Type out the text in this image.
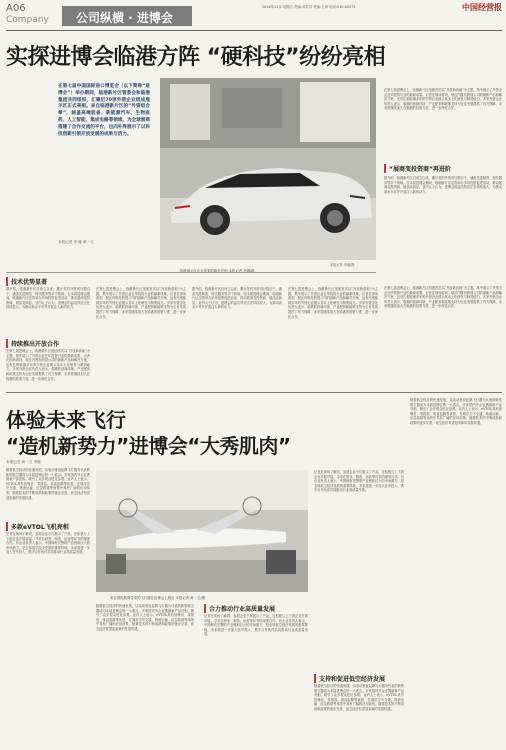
A06
Company 公司纵横 · 进博会
2024年11月 星期五 责编:高芳芳 美编:王涛 电话:010-84372	中国经营报
实探进博会临港方阵 “硬科技”纷纷亮相
在第七届中国国际进口博览会（以下简称“进博会”）举办期间，临港新片区管委会和临港集团共同组织，汇聚近70家外资企业组成展示区正式亮相。来自临港新片区的“外资组合拳”，涵盖高端装备、新能源汽车、生物医药、人工智能、集成电路等领域，为全球展商搭建了合作交流的平台，也向外界展示了以科技创新引领开放发展的成果与活力。
本报记者 李 娜 黄一文
本报记者 李娜/摄
临港展示区企业带来的跑车亮相 本报记者 李娜/摄
“展商变投资商”再进阶
在第七届进博会上，临港新片区组团首次以“开放新高地”为主题，集中展示了外资企业在华投资兴业的最新成果。记者在现场看到，展区内既有跨国公司的最新产品和解决方案，也有扎根临港多年的外资企业展示其本土化研发与制造能力。多家外资企业负责人表示，临港的营商环境、产业配套和政策支持为企业发展提供了有力保障，未来将继续加大在临港的投资力度，进一步深化合作。
据介绍，临港新片区自设立以来，累计签约外资项目数百个，涵盖先进制造、现代服务等多个领域。在本届进博会期间，临港新片区还将举办多场投资促进活动，推动展商变投资商、展品变商品。业内人士认为，进博会的溢出效应正在持续放大，为推动高水平对外开放注入新的动力。
在第七届进博会上，临港新片区组团首次以“开放新高地”为主题，集中展示了外资企业在华投资兴业的最新成果。记者在现场看到，展区内既有跨国公司的最新产品和解决方案，也有扎根临港多年的外资企业展示其本土化研发与制造能力。多家外资企业负责人表示，临港的营商环境、产业配套和政策支持为企业发展提供了有力保障，未来将继续加大在临港的投资力度，进一步深化合作。
技术优势显著
据介绍，临港新片区自设立以来，累计签约外资项目数百个，涵盖先进制造、现代服务等多个领域。在本届进博会期间，临港新片区还将举办多场投资促进活动，推动展商变投资商、展品变商品。业内人士认为，进博会的溢出效应正在持续放大，为推动高水平对外开放注入新的动力。
持续推出开放合作
在第七届进博会上，临港新片区组团首次以“开放新高地”为主题，集中展示了外资企业在华投资兴业的最新成果。记者在现场看到，展区内既有跨国公司的最新产品和解决方案，也有扎根临港多年的外资企业展示其本土化研发与制造能力。多家外资企业负责人表示，临港的营商环境、产业配套和政策支持为企业发展提供了有力保障，未来将继续加大在临港的投资力度，进一步深化合作。
在第七届进博会上，临港新片区组团首次以“开放新高地”为主题，集中展示了外资企业在华投资兴业的最新成果。记者在现场看到，展区内既有跨国公司的最新产品和解决方案，也有扎根临港多年的外资企业展示其本土化研发与制造能力。多家外资企业负责人表示，临港的营商环境、产业配套和政策支持为企业发展提供了有力保障，未来将继续加大在临港的投资力度，进一步深化合作。
据介绍，临港新片区自设立以来，累计签约外资项目数百个，涵盖先进制造、现代服务等多个领域。在本届进博会期间，临港新片区还将举办多场投资促进活动，推动展商变投资商、展品变商品。业内人士认为，进博会的溢出效应正在持续放大，为推动高水平对外开放注入新的动力。
在第七届进博会上，临港新片区组团首次以“开放新高地”为主题，集中展示了外资企业在华投资兴业的最新成果。记者在现场看到，展区内既有跨国公司的最新产品和解决方案，也有扎根临港多年的外资企业展示其本土化研发与制造能力。多家外资企业负责人表示，临港的营商环境、产业配套和政策支持为企业发展提供了有力保障，未来将继续加大在临港的投资力度，进一步深化合作。
体验未来飞行
“造机新势力”进博会“大秀肌肉”
本报记者 黄一文 李娜
随着低空经济的快速发展，以电动垂直起降飞行器为代表的新型航空器成为本届进博会的一大看点。多家国内外企业携最新产品亮相，吸引了众多观众驻足参观。业内人士表示，eVTOL具有低噪音、零排放、垂直起降等优势，在城市空中交通、物流运输、应急救援等场景中具有广阔的应用前景。随着技术的不断成熟和政策的逐步完善，低空经济有望迎来新的发展机遇。
多款eVTOL飞机亮相
记者在现场了解到，参展企业不仅展示了产品，还积极与上下游企业开展对接，寻求在研发、制造、运营等环节的深度合作。有企业负责人表示，中国拥有完整的产业链和巨大的市场潜力，是全球低空经济发展的重要阵地，未来将进一步加大在华投入，携手合作伙伴共同推动行业高质量发展。
来自国际展商带来的飞行器在进博会上展出 本报记者 黄一文/摄
随着低空经济的快速发展，以电动垂直起降飞行器为代表的新型航空器成为本届进博会的一大看点。多家国内外企业携最新产品亮相，吸引了众多观众驻足参观。业内人士表示，eVTOL具有低噪音、零排放、垂直起降等优势，在城市空中交通、物流运输、应急救援等场景中具有广阔的应用前景。随着技术的不断成熟和政策的逐步完善，低空经济有望迎来新的发展机遇。
合力推动行业高质量发展
记者在现场了解到，参展企业不仅展示了产品，还积极与上下游企业开展对接，寻求在研发、制造、运营等环节的深度合作。有企业负责人表示，中国拥有完整的产业链和巨大的市场潜力，是全球低空经济发展的重要阵地，未来将进一步加大在华投入，携手合作伙伴共同推动行业高质量发展。
记者在现场了解到，参展企业不仅展示了产品，还积极与上下游企业开展对接，寻求在研发、制造、运营等环节的深度合作。有企业负责人表示，中国拥有完整的产业链和巨大的市场潜力，是全球低空经济发展的重要阵地，未来将进一步加大在华投入，携手合作伙伴共同推动行业高质量发展。
支持和促进低空经济发展
随着低空经济的快速发展，以电动垂直起降飞行器为代表的新型航空器成为本届进博会的一大看点。多家国内外企业携最新产品亮相，吸引了众多观众驻足参观。业内人士表示，eVTOL具有低噪音、零排放、垂直起降等优势，在城市空中交通、物流运输、应急救援等场景中具有广阔的应用前景。随着技术的不断成熟和政策的逐步完善，低空经济有望迎来新的发展机遇。
随着低空经济的快速发展，以电动垂直起降飞行器为代表的新型航空器成为本届进博会的一大看点。多家国内外企业携最新产品亮相，吸引了众多观众驻足参观。业内人士表示，eVTOL具有低噪音、零排放、垂直起降等优势，在城市空中交通、物流运输、应急救援等场景中具有广阔的应用前景。随着技术的不断成熟和政策的逐步完善，低空经济有望迎来新的发展机遇。
